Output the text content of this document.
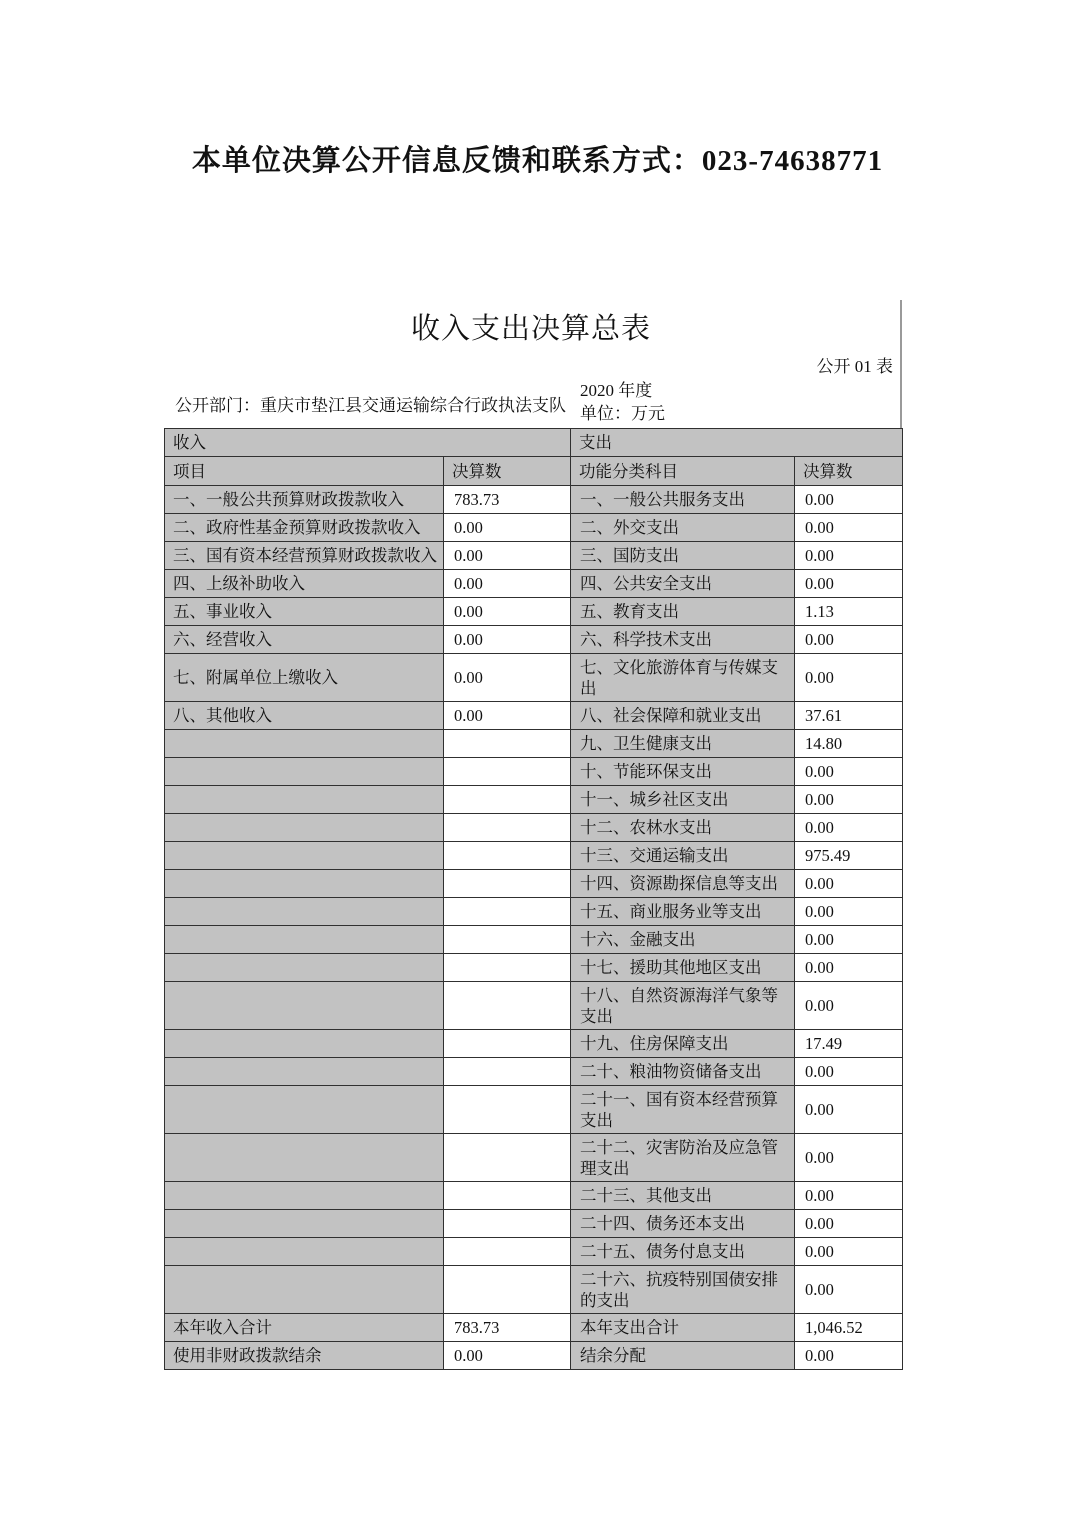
本单位决算公开信息反馈和联系方式：023-74638771
收入支出决算总表
公开 01 表
公开部门：重庆市垫江县交通运输综合行政执法支队
2020 年度
单位：万元
收入		支出	
项目	决算数	功能分类科目	决算数
一、一般公共预算财政拨款收入	783.73	一、一般公共服务支出	0.00
二、政府性基金预算财政拨款收入	0.00	二、外交支出	0.00
三、国有资本经营预算财政拨款收入	0.00	三、国防支出	0.00
四、上级补助收入	0.00	四、公共安全支出	0.00
五、事业收入	0.00	五、教育支出	1.13
六、经营收入	0.00	六、科学技术支出	0.00
七、附属单位上缴收入	0.00	七、文化旅游体育与传媒支出	0.00
八、其他收入	0.00	八、社会保障和就业支出	37.61
		九、卫生健康支出	14.80
		十、节能环保支出	0.00
		十一、城乡社区支出	0.00
		十二、农林水支出	0.00
		十三、交通运输支出	975.49
		十四、资源勘探信息等支出	0.00
		十五、商业服务业等支出	0.00
		十六、金融支出	0.00
		十七、援助其他地区支出	0.00
		十八、自然资源海洋气象等支出	0.00
		十九、住房保障支出	17.49
		二十、粮油物资储备支出	0.00
		二十一、国有资本经营预算支出	0.00
		二十二、灾害防治及应急管理支出	0.00
		二十三、其他支出	0.00
		二十四、债务还本支出	0.00
		二十五、债务付息支出	0.00
		二十六、抗疫特别国债安排的支出	0.00
本年收入合计	783.73	本年支出合计	1,046.52
使用非财政拨款结余	0.00	结余分配	0.00
